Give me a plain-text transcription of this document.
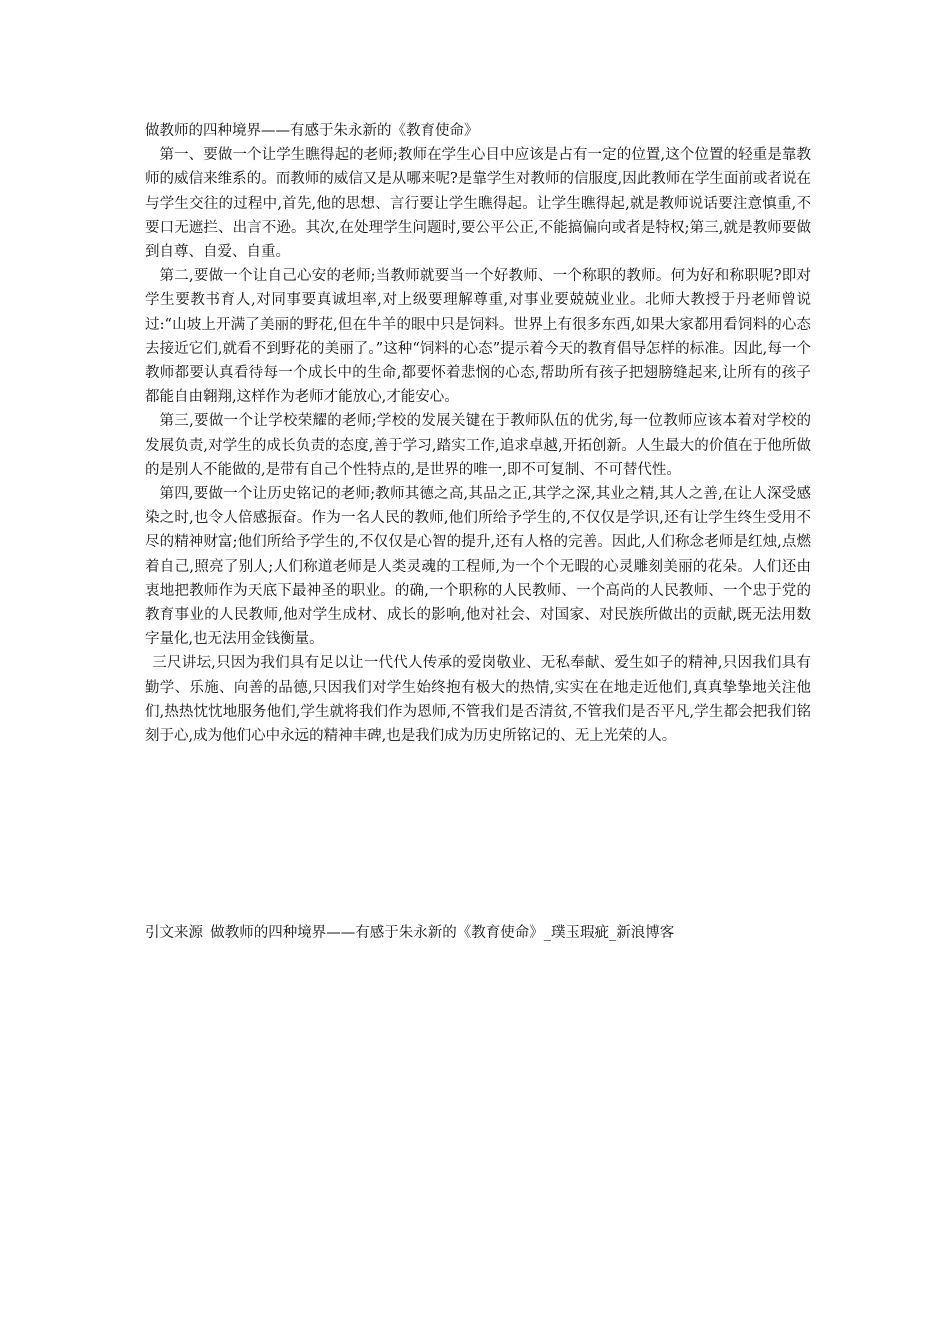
做教师的四种境界——有感于朱永新的《教育使命》

第一、要做一个让学生瞧得起的老师;教师在学生心目中应该是占有一定的位置,这个位置的轻重是靠教师的威信来维系的。而教师的威信又是从哪来呢?是靠学生对教师的信服度,因此教师在学生面前或者说在与学生交往的过程中,首先,他的思想、言行要让学生瞧得起。让学生瞧得起,就是教师说话要注意慎重,不要口无遮拦、出言不逊。其次,在处理学生问题时,要公平公正,不能搞偏向或者是特权;第三,就是教师要做到自尊、自爱、自重。

第二,要做一个让自己心安的老师;当教师就要当一个好教师、一个称职的教师。何为好和称职呢?即对学生要教书育人,对同事要真诚坦率,对上级要理解尊重,对事业要兢兢业业。北师大教授于丹老师曾说过:“山坡上开满了美丽的野花,但在牛羊的眼中只是饲料。世界上有很多东西,如果大家都用看饲料的心态去接近它们,就看不到野花的美丽了。”这种“饲料的心态”提示着今天的教育倡导怎样的标准。因此,每一个教师都要认真看待每一个成长中的生命,都要怀着悲悯的心态,帮助所有孩子把翅膀缝起来,让所有的孩子都能自由翱翔,这样作为老师才能放心,才能安心。

第三,要做一个让学校荣耀的老师;学校的发展关键在于教师队伍的优劣,每一位教师应该本着对学校的发展负责,对学生的成长负责的态度,善于学习,踏实工作,追求卓越,开拓创新。人生最大的价值在于他所做的是别人不能做的,是带有自己个性特点的,是世界的唯一,即不可复制、不可替代性。

第四,要做一个让历史铭记的老师;教师其德之高,其品之正,其学之深,其业之精,其人之善,在让人深受感染之时,也令人倍感振奋。作为一名人民的教师,他们所给予学生的,不仅仅是学识,还有让学生终生受用不尽的精神财富;他们所给予学生的,不仅仅是心智的提升,还有人格的完善。因此,人们称念老师是红烛,点燃着自己,照亮了别人;人们称道老师是人类灵魂的工程师,为一个个无暇的心灵雕刻美丽的花朵。人们还由衷地把教师作为天底下最神圣的职业。的确,一个职称的人民教师、一个高尚的人民教师、一个忠于党的教育事业的人民教师,他对学生成材、成长的影响,他对社会、对国家、对民族所做出的贡献,既无法用数字量化,也无法用金钱衡量。

三尺讲坛,只因为我们具有足以让一代代人传承的爱岗敬业、无私奉献、爱生如子的精神,只因我们具有勤学、乐施、向善的品德,只因我们对学生始终抱有极大的热情,实实在在地走近他们,真真挚挚地关注他们,热热忱忱地服务他们,学生就将我们作为恩师,不管我们是否清贫,不管我们是否平凡,学生都会把我们铭刻于心,成为他们心中永远的精神丰碑,也是我们成为历史所铭记的、无上光荣的人。

引文来源 做教师的四种境界——有感于朱永新的《教育使命》_璞玉瑕疵_新浪博客
